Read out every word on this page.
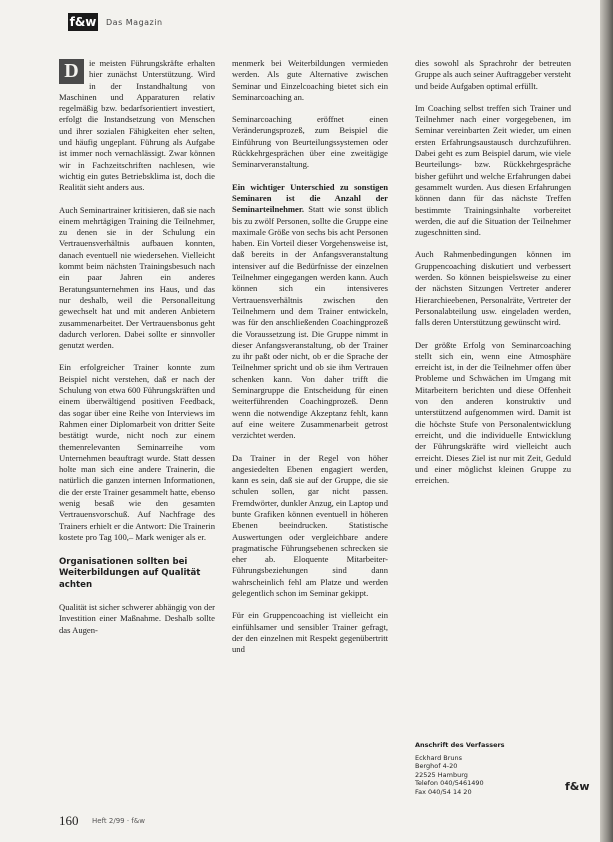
f&w Das Magazin

D	ie meisten Führungskräfte erhalten hier zunächst Unterstützung. Wird in der Instandhaltung von Maschinen und Apparaturen relativ regelmäßig bzw. bedarfsorientiert investiert, erfolgt die Instandsetzung von Menschen und ihrer sozialen Fähigkeiten eher selten, und häufig ungeplant. Führung als Aufgabe ist immer noch vernachlässigt. Zwar können wir in Fachzeitschriften nachlesen, wie wichtig ein gutes Betriebsklima ist, doch die Realität sieht anders aus.

Auch Seminartrainer kritisieren, daß sie nach einem mehrtägigen Training die Teilnehmer, zu denen sie in der Schulung ein Vertrauensverhältnis aufbauen konnten, danach eventuell nie wiedersehen. Vielleicht kommt beim nächsten Trainingsbesuch nach ein paar Jahren ein anderes Beratungsunternehmen ins Haus, und das nur deshalb, weil die Personalleitung gewechselt hat und mit anderen Anbietern zusammenarbeitet. Der Vertrauensbonus geht dadurch verloren. Dabei sollte er sinnvoller genutzt werden.

Ein erfolgreicher Trainer konnte zum Beispiel nicht verstehen, daß er nach der Schulung von etwa 600 Führungskräften und einem überwältigend positiven Feedback, das sogar über eine Reihe von Interviews im Rahmen einer Diplomarbeit von dritter Seite bestätigt wurde, nicht noch zur einem themenrelevanten Seminarreihe vom Unternehmen beauftragt wurde. Statt dessen holte man sich eine andere Trainerin, die natürlich die ganzen internen Informationen, die der erste Trainer gesammelt hatte, ebenso wenig besaß wie den gesamten Vertrauensvorschuß. Auf Nachfrage des Trainers erhielt er die Antwort: Die Trainerin kostete pro Tag 100,– Mark weniger als er.

Organisationen sollten bei Weiterbildungen auf Qualität achten

Qualität ist sicher schwerer abhängig von der Investition einer Maßnahme. Deshalb sollte das Augen-

menmerk bei Weiterbildungen vermieden werden. Als gute Alternative zwischen Seminar und Einzelcoaching bietet sich ein Seminarcoaching an.

Seminarcoaching eröffnet einen Veränderungsprozeß, zum Beispiel die Einführung von Beurteilungssystemen oder Rückkehrgesprächen über eine zweitägige Seminarveranstaltung.

Ein wichtiger Unterschied zu sonstigen Seminaren ist die Anzahl der Seminarteilnehmer. Statt wie sonst üblich bis zu zwölf Personen, sollte die Gruppe eine maximale Größe von sechs bis acht Personen haben. Ein Vorteil dieser Vorgehensweise ist, daß bereits in der Anfangsveranstaltung intensiver auf die Bedürfnisse der einzelnen Teilnehmer eingegangen werden kann. Auch können sich ein intensiveres Vertrauensverhältnis zwischen den Teilnehmern und dem Trainer entwickeln, was für den anschließenden Coachingprozeß die Voraussetzung ist. Die Gruppe nimmt in dieser Anfangsveranstaltung, ob der Trainer zu ihr paßt oder nicht, ob er die Sprache der Teilnehmer spricht und ob sie ihm Vertrauen schenken kann. Von daher trifft die Seminargruppe die Entscheidung für einen weiterführenden Coachingprozeß. Denn wenn die notwendige Akzeptanz fehlt, kann auf eine weitere Zusammenarbeit getrost verzichtet werden.

Da Trainer in der Regel von höher angesiedelten Ebenen engagiert werden, kann es sein, daß sie auf der Gruppe, die sie schulen sollen, gar nicht passen. Fremdwörter, dunkler Anzug, ein Laptop und bunte Grafiken können eventuell in höheren Ebenen beeindrucken. Statistische Auswertungen oder vergleichbare andere pragmatische Führungsebenen schrecken sie eher ab. Eloquente Mitarbeiter-Führungsbeziehungen sind dann wahrscheinlich fehl am Platze und werden gelegentlich schon im Seminar gekippt.

Für ein Gruppencoaching ist vielleicht ein einfühlsamer und sensibler Trainer gefragt, der den einzelnen mit Respekt gegenübertritt und

dies sowohl als Sprachrohr der betreuten Gruppe als auch seiner Auftraggeber versteht und beide Aufgaben optimal erfüllt.

Im Coaching selbst treffen sich Trainer und Teilnehmer nach einer vorgegebenen, im Seminar vereinbarten Zeit wieder, um einen ersten Erfahrungsaustausch durchzuführen. Dabei geht es zum Beispiel darum, wie viele Beurteilungs- bzw. Rückkehrgespräche bisher geführt und welche Erfahrungen dabei gesammelt wurden. Aus diesen Erfahrungen können dann für das nächste Treffen bestimmte Trainingsinhalte vorbereitet werden, die auf die Situation der Teilnehmer zugeschnitten sind.

Auch Rahmenbedingungen können im Gruppencoaching diskutiert und verbessert werden. So können beispielsweise zu einer der nächsten Sitzungen Vertreter anderer Hierarchieebenen, Personalräte, Vertreter der Personalabteilung usw. eingeladen werden, falls deren Unterstützung gewünscht wird.

Der größte Erfolg von Seminarcoaching stellt sich ein, wenn eine Atmosphäre erreicht ist, in der die Teilnehmer offen über Probleme und Schwächen im Umgang mit Mitarbeitern berichten und diese Offenheit von den anderen konstruktiv und unterstützend aufgenommen wird. Damit ist die höchste Stufe von Personalentwicklung erreicht, und die individuelle Entwicklung der Führungskräfte wird vielleicht auch erreicht. Dieses Ziel ist nur mit Zeit, Geduld und einer möglichst kleinen Gruppe zu erreichen.

Anschrift des Verfassers
Eckhard Bruns
Berghof 4-20
22525 Hamburg
Telefon 040/5461490
Fax 040/54 14 20	f&w
160 Heft 2/99 · f&w
